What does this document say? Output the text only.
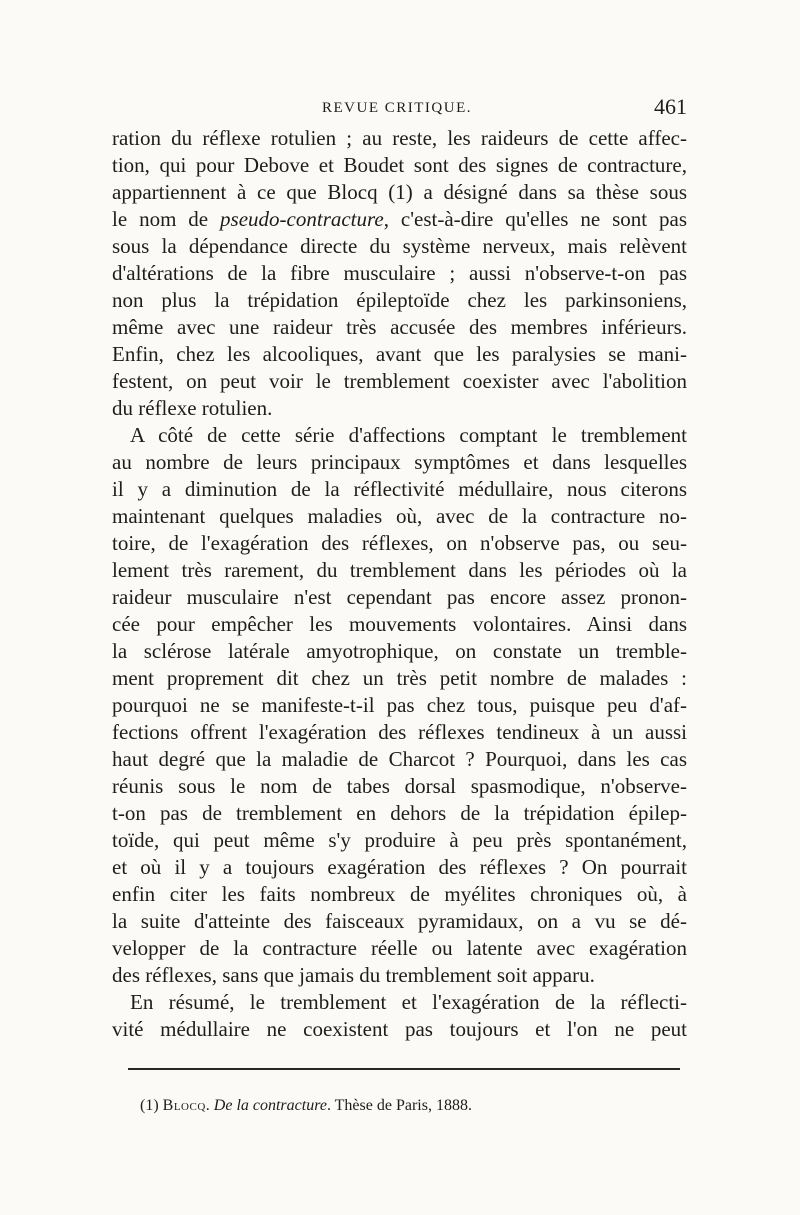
REVUE CRITIQUE.	461
ration du réflexe rotulien ; au reste, les raideurs de cette affec-
tion, qui pour Debove et Boudet sont des signes de contracture,
appartiennent à ce que Blocq (1) a désigné dans sa thèse sous
le nom de pseudo-contracture, c'est-à-dire qu'elles ne sont pas
sous la dépendance directe du système nerveux, mais relèvent
d'altérations de la fibre musculaire ; aussi n'observe-t-on pas
non plus la trépidation épileptoïde chez les parkinsoniens,
même avec une raideur très accusée des membres inférieurs.
Enfin, chez les alcooliques, avant que les paralysies se mani-
festent, on peut voir le tremblement coexister avec l'abolition
du réflexe rotulien.
A côté de cette série d'affections comptant le tremblement
au nombre de leurs principaux symptômes et dans lesquelles
il y a diminution de la réflectivité médullaire, nous citerons
maintenant quelques maladies où, avec de la contracture no-
toire, de l'exagération des réflexes, on n'observe pas, ou seu-
lement très rarement, du tremblement dans les périodes où la
raideur musculaire n'est cependant pas encore assez pronon-
cée pour empêcher les mouvements volontaires. Ainsi dans
la sclérose latérale amyotrophique, on constate un tremble-
ment proprement dit chez un très petit nombre de malades :
pourquoi ne se manifeste-t-il pas chez tous, puisque peu d'af-
fections offrent l'exagération des réflexes tendineux à un aussi
haut degré que la maladie de Charcot ? Pourquoi, dans les cas
réunis sous le nom de tabes dorsal spasmodique, n'observe-
t-on pas de tremblement en dehors de la trépidation épilep-
toïde, qui peut même s'y produire à peu près spontanément,
et où il y a toujours exagération des réflexes ? On pourrait
enfin citer les faits nombreux de myélites chroniques où, à
la suite d'atteinte des faisceaux pyramidaux, on a vu se dé-
velopper de la contracture réelle ou latente avec exagération
des réflexes, sans que jamais du tremblement soit apparu.
En résumé, le tremblement et l'exagération de la réflecti-
vité médullaire ne coexistent pas toujours et l'on ne peut
(1) Blocq. De la contracture. Thèse de Paris, 1888.
